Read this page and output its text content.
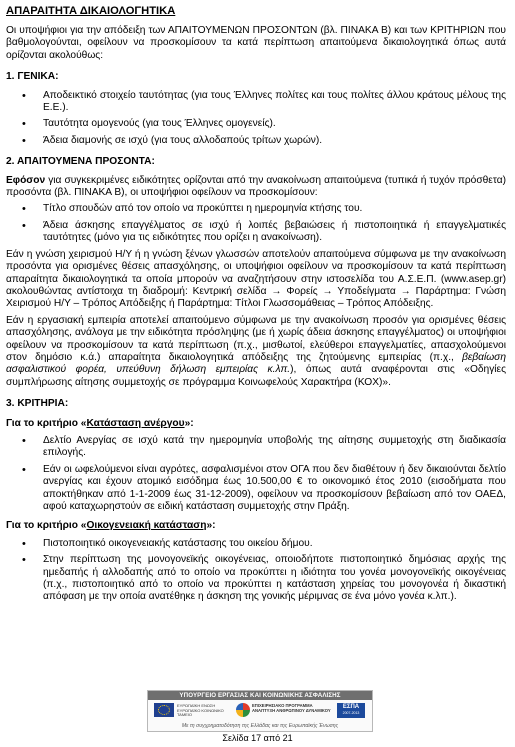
ΑΠΑΡΑΙΤΗΤΑ ΔΙΚΑΙΟΛΟΓΗΤΙΚΑ

Οι υποψήφιοι για την απόδειξη των ΑΠΑΙΤΟΥΜΕΝΩΝ ΠΡΟΣΟΝΤΩΝ (βλ. ΠΙΝΑΚΑ Β) και των ΚΡΙΤΗΡΙΩΝ που βαθμολογούνται, οφείλουν να προσκομίσουν τα κατά περίπτωση απαιτούμενα δικαιολογητικά όπως αυτά ορίζονται ακολούθως:

1. ΓΕΝΙΚΑ:
• Αποδεικτικό στοιχείο ταυτότητας (για τους Έλληνες πολίτες και τους πολίτες άλλου κράτους μέλους της Ε.Ε.).
• Ταυτότητα ομογενούς (για τους Έλληνες ομογενείς).
• Άδεια διαμονής σε ισχύ (για τους αλλοδαπούς τρίτων χωρών).
2. ΑΠΑΙΤΟΥΜΕΝΑ ΠΡΟΣΟΝΤΑ:

Εφόσον για συγκεκριμένες ειδικότητες ορίζονται από την ανακοίνωση απαιτούμενα (τυπικά ή τυχόν πρόσθετα) προσόντα (βλ. ΠΙΝΑΚΑ Β), οι υποψήφιοι οφείλουν να προσκομίσουν:

• Τίτλο σπουδών από τον οποίο να προκύπτει η ημερομηνία κτήσης του.
• Άδεια άσκησης επαγγέλματος σε ισχύ ή λοιπές βεβαιώσεις ή πιστοποιητικά ή επαγγελματικές ταυτότητες (μόνο για τις ειδικότητες που ορίζει η ανακοίνωση).

Εάν η γνώση χειρισμού Η/Υ ή η γνώση ξένων γλωσσών αποτελούν απαιτούμενα σύμφωνα με την ανακοίνωση προσόντα για ορισμένες θέσεις απασχόλησης, οι υποψήφιοι οφείλουν να προσκομίσουν τα κατά περίπτωση απαραίτητα δικαιολογητικά τα οποία μπορούν να αναζητήσουν στην ιστοσελίδα του Α.Σ.Ε.Π. (www.asep.gr) ακολουθώντας αντίστοιχα τη διαδρομή: Κεντρική σελίδα → Φορείς → Υποδείγματα → Παράρτημα: Γνώση Χειρισμού Η/Υ – Τρόπος Απόδειξης ή Παράρτημα: Τίτλοι Γλωσσομάθειας – Τρόπος Απόδειξης.

Εάν η εργασιακή εμπειρία αποτελεί απαιτούμενο σύμφωνα με την ανακοίνωση προσόν για ορισμένες θέσεις απασχόλησης, ανάλογα με την ειδικότητα πρόσληψης (με ή χωρίς άδεια άσκησης επαγγέλματος) οι υποψήφιοι οφείλουν να προσκομίσουν τα κατά περίπτωση (π.χ., μισθωτοί, ελεύθεροι επαγγελματίες, απασχολούμενοι στον δημόσιο κ.ά.) απαραίτητα δικαιολογητικά απόδειξης της ζητούμενης εμπειρίας (π.χ., βεβαίωση ασφαλιστικού φορέα, υπεύθυνη δήλωση εμπειρίας κ.λπ.), όπως αυτά αναφέρονται στις «Οδηγίες συμπλήρωσης αίτησης συμμετοχής σε πρόγραμμα Κοινωφελούς Χαρακτήρα (ΚΟΧ)».

3. ΚΡΙΤΗΡΙΑ:
Για το κριτήριο «Κατάσταση ανέργου»:
• Δελτίο Ανεργίας σε ισχύ κατά την ημερομηνία υποβολής της αίτησης συμμετοχής στη διαδικασία επιλογής.
• Εάν οι ωφελούμενοι είναι αγρότες, ασφαλισμένοι στον ΟΓΑ που δεν διαθέτουν ή δεν δικαιούνται δελτίο ανεργίας και έχουν ατομικό εισόδημα έως 10.500,00 € το οικονομικό έτος 2010 (εισοδήματα που αποκτήθηκαν από 1-1-2009 έως 31-12-2009), οφείλουν να προσκομίσουν βεβαίωση από τον ΟΑΕΔ, αφού καταχωρηστούν σε ειδική κατάσταση συμμετοχής στην Πράξη.
Για το κριτήριο «Οικογενειακή κατάσταση»:
• Πιστοποιητικό οικογενειακής κατάστασης του οικείου δήμου.
• Στην περίπτωση της μονογονεϊκής οικογένειας, οποιοδήποτε πιστοποιητικό δημόσιας αρχής της ημεδαπής ή αλλοδαπής από το οποίο να προκύπτει η ιδιότητα του γονέα μονογονεϊκής οικογένειας (π.χ., πιστοποιητικό από το οποίο να προκύπτει η κατάσταση χηρείας του μονογονέα ή δικαστική απόφαση με την οποία ανατέθηκε η άσκηση της γονικής μέριμνας σε ένα μόνο γονέα κ.λπ.).
ΥΠΟΥΡΓΕΙΟ ΕΡΓΑΣΙΑΣ ΚΑΙ ΚΟΙΝΩΝΙΚΗΣ ΑΣΦΑΛΙΣΗΣ
ΕΥΡΩΠΑΪΚΗ ΕΝΩΣΗ ΕΥΡΩΠΑΪΚΟ ΚΟΙΝΩΝΙΚΟ ΤΑΜΕΙΟ
ΕΠΙΧΕΙΡΗΣΙΑΚΟ ΠΡΟΓΡΑΜΜΑ ΑΝΑΠΤΥΞΗ ΑΝΘΡΩΠΙΝΟΥ ΔΥΝΑΜΙΚΟΥ
ΕΣΠΑ
2007-2013
Με τη συγχρηματοδότηση της Ελλάδας και της Ευρωπαϊκής Ένωσης
Σελίδα 17 από 21
